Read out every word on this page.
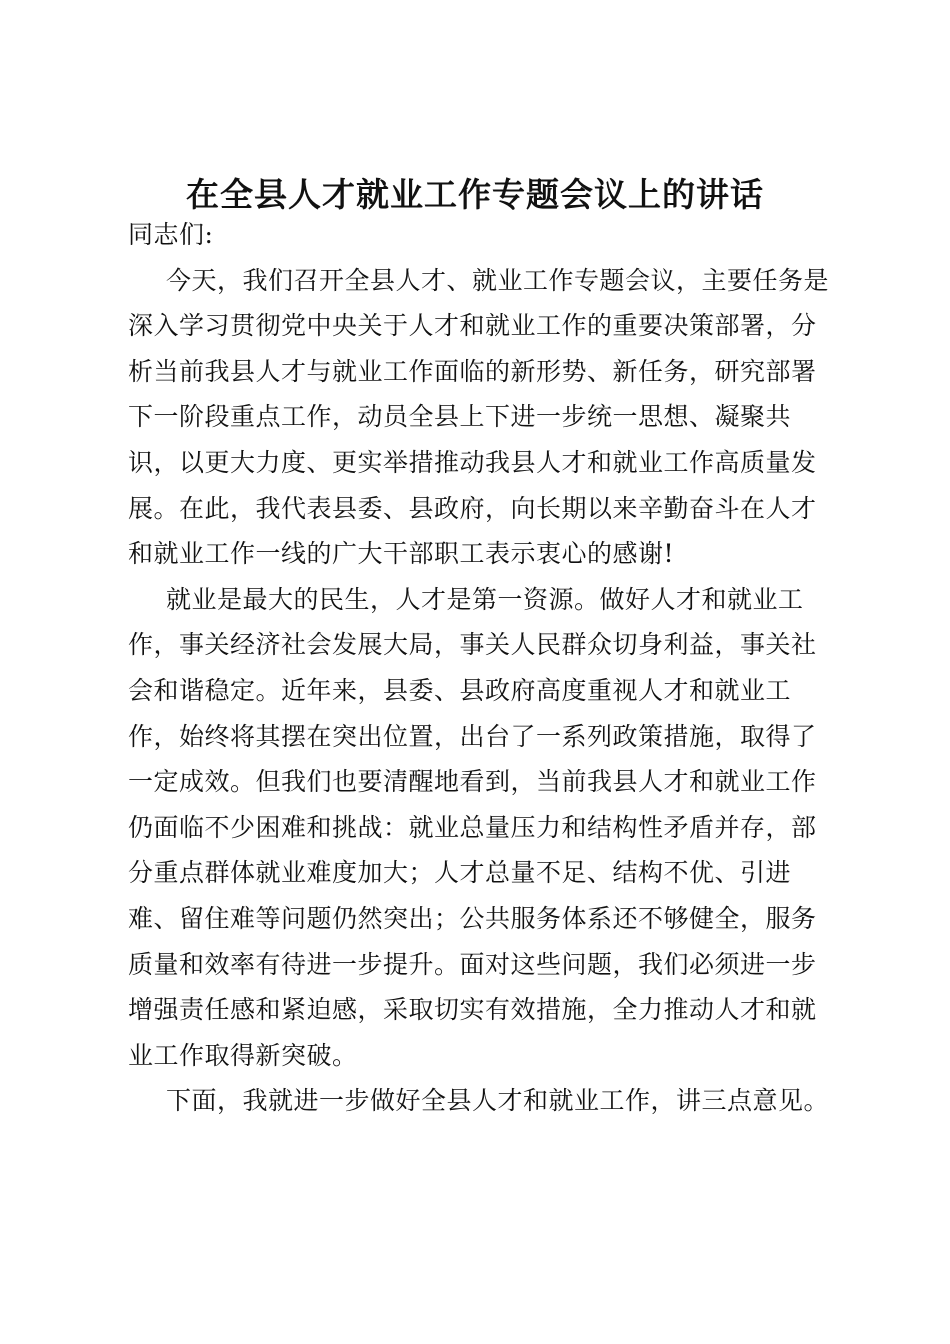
在全县人才就业工作专题会议上的讲话
同志们:
今天，我们召开全县人才、就业工作专题会议，主要任务是
深入学习贯彻党中央关于人才和就业工作的重要决策部署，分
析当前我县人才与就业工作面临的新形势、新任务，研究部署
下一阶段重点工作，动员全县上下进一步统一思想、凝聚共
识，以更大力度、更实举措推动我县人才和就业工作高质量发
展。在此，我代表县委、县政府，向长期以来辛勤奋斗在人才
和就业工作一线的广大干部职工表示衷心的感谢!
就业是最大的民生，人才是第一资源。做好人才和就业工
作，事关经济社会发展大局，事关人民群众切身利益，事关社
会和谐稳定。近年来，县委、县政府高度重视人才和就业工
作，始终将其摆在突出位置，出台了一系列政策措施，取得了
一定成效。但我们也要清醒地看到，当前我县人才和就业工作
仍面临不少困难和挑战：就业总量压力和结构性矛盾并存，部
分重点群体就业难度加大；人才总量不足、结构不优、引进
难、留住难等问题仍然突出；公共服务体系还不够健全，服务
质量和效率有待进一步提升。面对这些问题，我们必须进一步
增强责任感和紧迫感，采取切实有效措施，全力推动人才和就
业工作取得新突破。
下面，我就进一步做好全县人才和就业工作，讲三点意见。
